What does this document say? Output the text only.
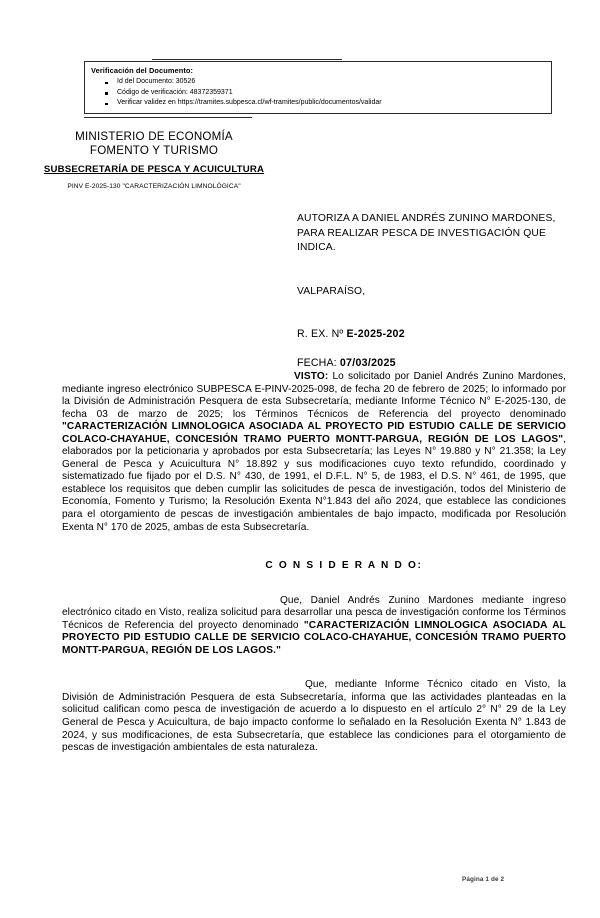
Verificación del Documento:
Id del Documento: 30526
Código de verificación: 48372359371
Verificar validez en https://tramites.subpesca.cl/wf-tramites/public/documentos/validar
MINISTERIO DE ECONOMÍA
FOMENTO Y TURISMO
SUBSECRETARÍA DE PESCA Y ACUICULTURA
PINV E-2025-130 "CARACTERIZACIÓN LIMNOLÓGICA"
AUTORIZA A DANIEL ANDRÉS ZUNINO MARDONES, PARA REALIZAR PESCA DE INVESTIGACIÓN QUE INDICA.
VALPARAÍSO,
R. EX. Nº E-2025-202
FECHA: 07/03/2025

VISTO: Lo solicitado por Daniel Andrés Zunino Mardones, mediante ingreso electrónico SUBPESCA E-PINV-2025-098, de fecha 20 de febrero de 2025; lo informado por la División de Administración Pesquera de esta Subsecretaría, mediante Informe Técnico N° E-2025-130, de fecha 03 de marzo de 2025; los Términos Técnicos de Referencia del proyecto denominado "CARACTERIZACIÓN LIMNOLOGICA ASOCIADA AL PROYECTO PID ESTUDIO CALLE DE SERVICIO COLACO-CHAYAHUE, CONCESIÓN TRAMO PUERTO MONTT-PARGUA, REGIÓN DE LOS LAGOS", elaborados por la peticionaria y aprobados por esta Subsecretaría; las Leyes N° 19.880 y N° 21.358; la Ley General de Pesca y Acuicultura N° 18.892 y sus modificaciones cuyo texto refundido, coordinado y sistematizado fue fijado por el D.S. N° 430, de 1991, el D.F.L. N° 5, de 1983, el D.S. N° 461, de 1995, que establece los requisitos que deben cumplir las solicitudes de pesca de investigación, todos del Ministerio de Economía, Fomento y Turismo; la Resolución Exenta N°1.843 del año 2024, que establece las condiciones para el otorgamiento de pescas de investigación ambientales de bajo impacto, modificada por Resolución Exenta N° 170 de 2025, ambas de esta Subsecretaría.

C O N S I D E R A N D O:

Que, Daniel Andrés Zunino Mardones mediante ingreso electrónico citado en Visto, realiza solicitud para desarrollar una pesca de investigación conforme los Términos Técnicos de Referencia del proyecto denominado "CARACTERIZACIÓN LIMNOLOGICA ASOCIADA AL PROYECTO PID ESTUDIO CALLE DE SERVICIO COLACO-CHAYAHUE, CONCESIÓN TRAMO PUERTO MONTT-PARGUA, REGIÓN DE LOS LAGOS."

Que, mediante Informe Técnico citado en Visto, la División de Administración Pesquera de esta Subsecretaría, informa que las actividades planteadas en la solicitud califican como pesca de investigación de acuerdo a lo dispuesto en el artículo 2° N° 29 de la Ley General de Pesca y Acuicultura, de bajo impacto conforme lo señalado en la Resolución Exenta N° 1.843 de 2024, y sus modificaciones, de esta Subsecretaría, que establece las condiciones para el otorgamiento de pescas de investigación ambientales de esta naturaleza.

Página 1 de 2
